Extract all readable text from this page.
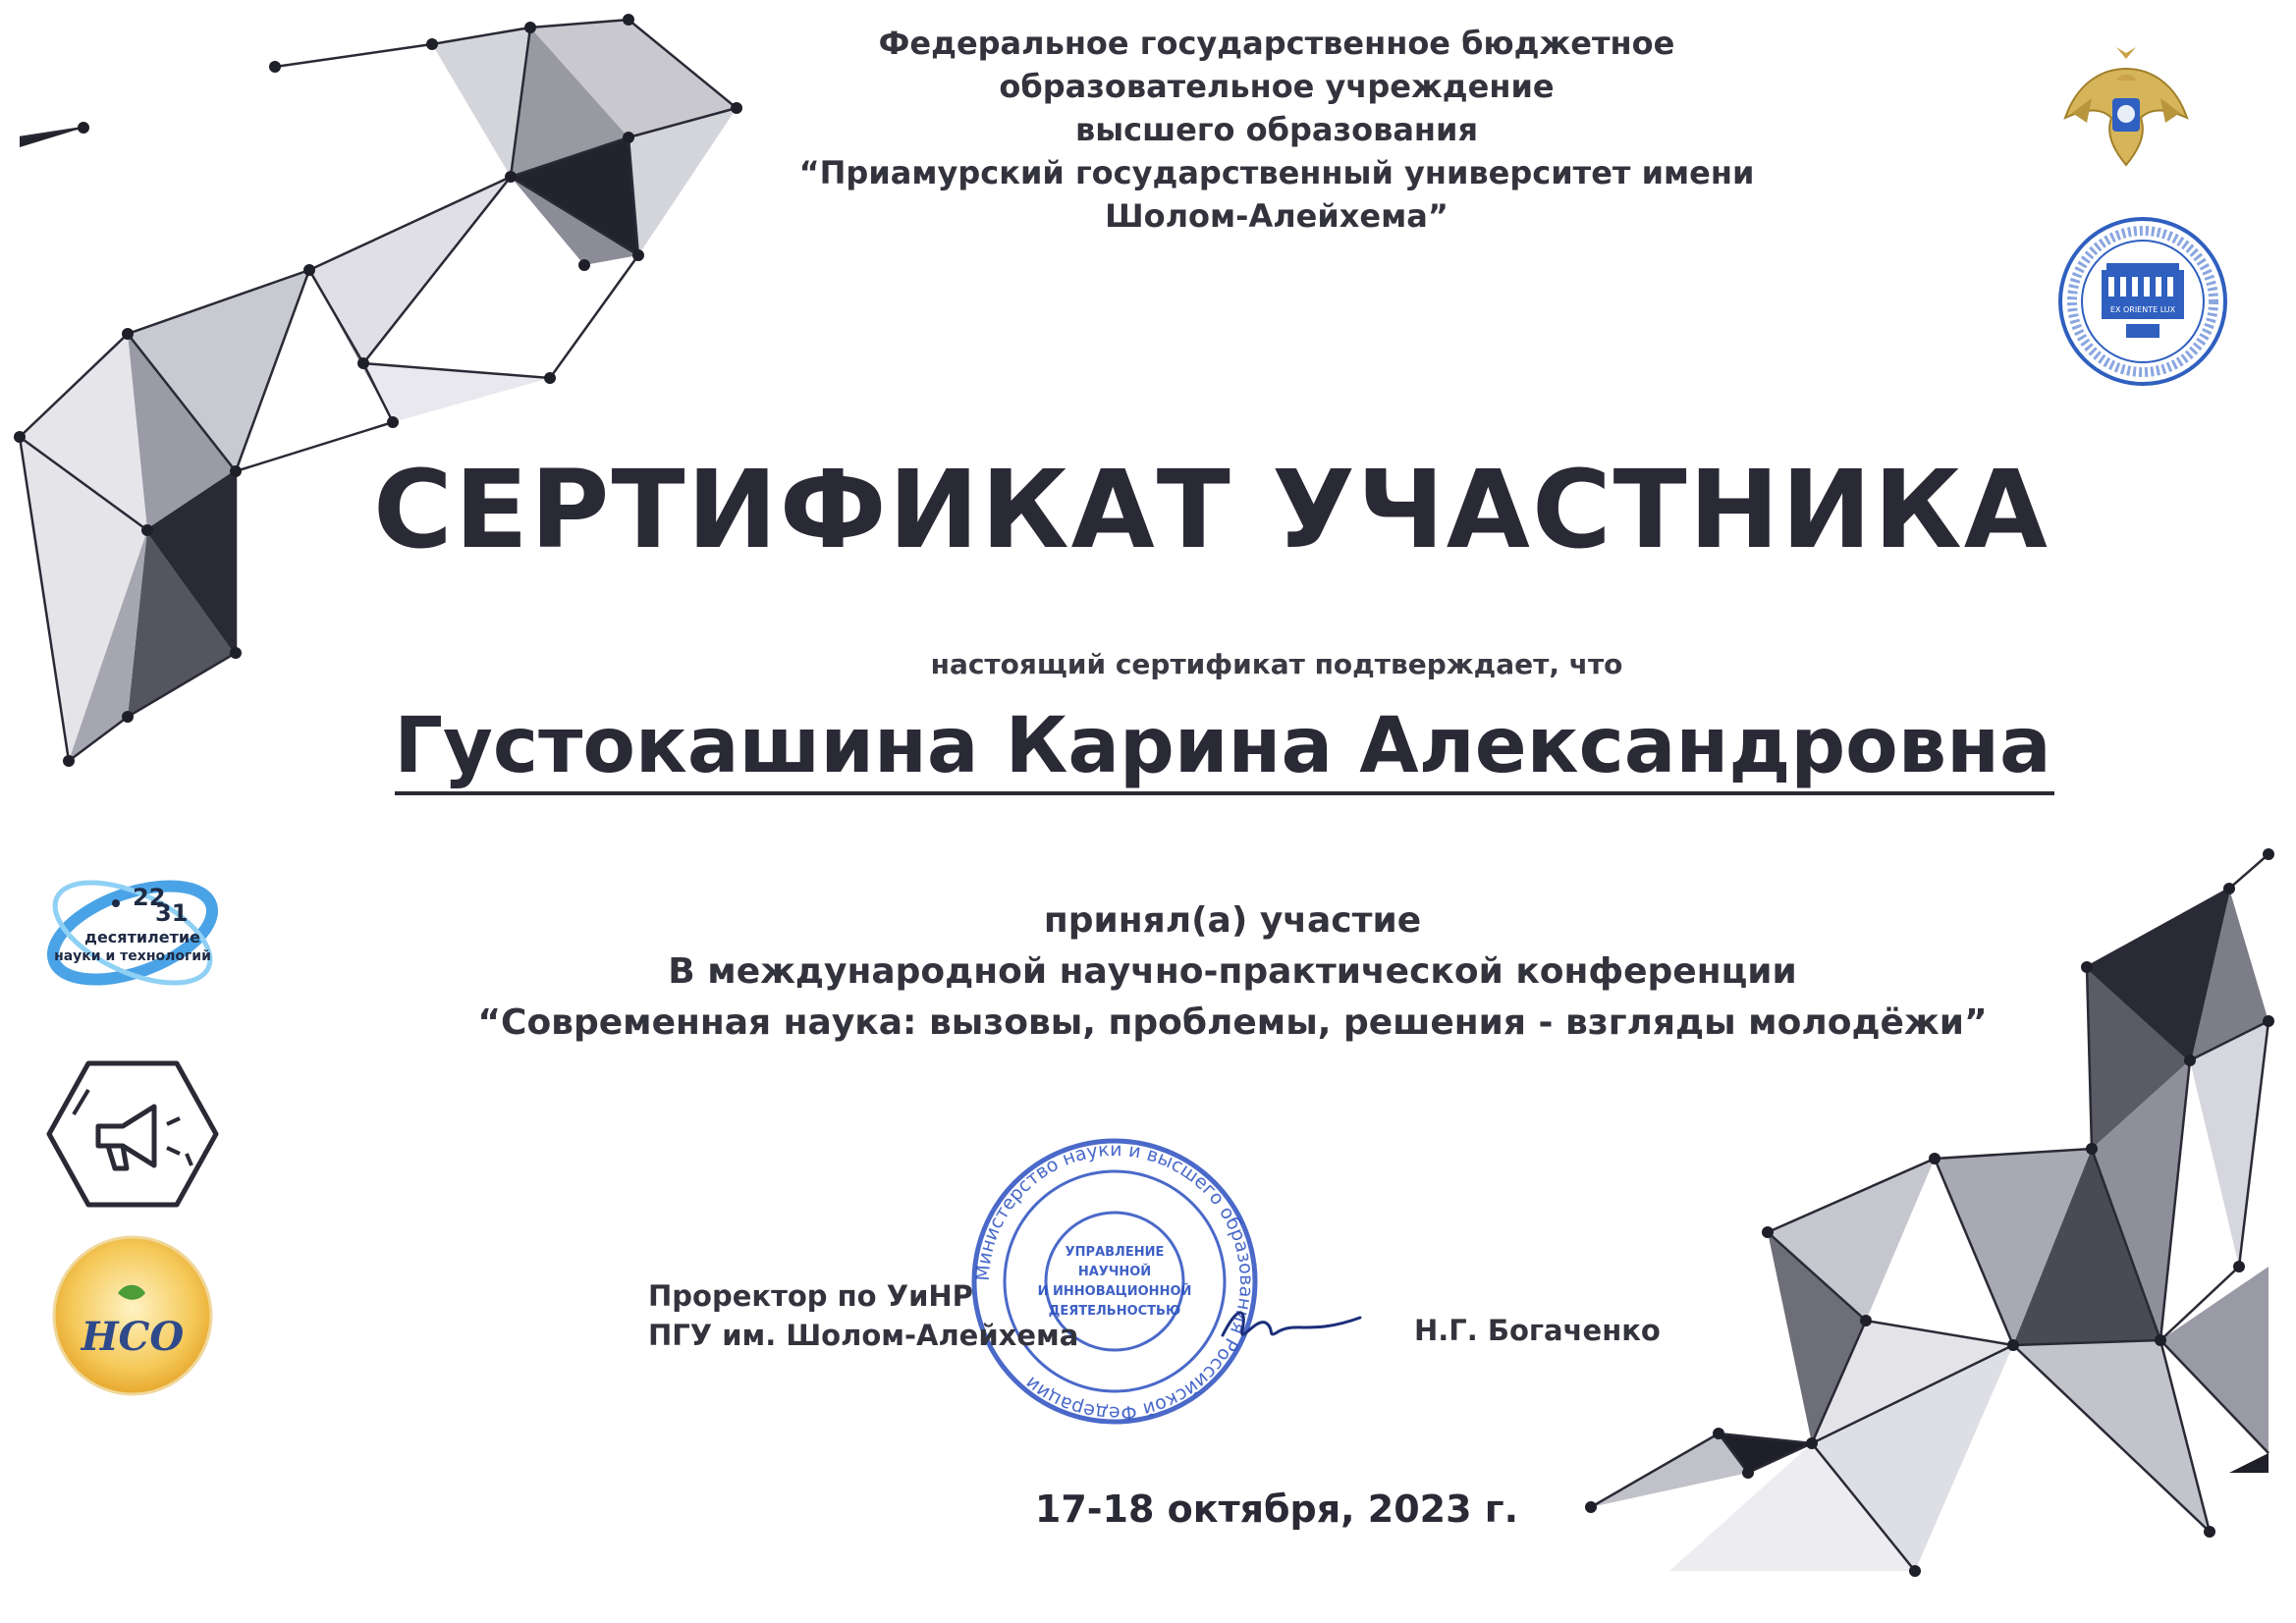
Федеральное государственное бюджетное
образовательное учреждение
высшего образования
“Приамурский государственный университет имени
Шолом-Алейхема”
EX ORIENTE LUX
СЕРТИФИКАТ УЧАСТНИКА
настоящий сертификат подтверждает, что
Густокашина Карина Александровна
принял(а) участие
В международной научно-практической конференции
“Современная наука: вызовы, проблемы, решения - взгляды молодёжи”
22
31
десятилетие
науки и технологий
НСО
Министерство науки и высшего образования Российской Федерации
УПРАВЛЕНИЕ
НАУЧНОЙ
И ИННОВАЦИОННОЙ
ДЕЯТЕЛЬНОСТЬЮ
Проректор по УиНР
ПГУ им. Шолом-Алейхема	Н.Г. Богаченко
17-18 октября, 2023 г.
